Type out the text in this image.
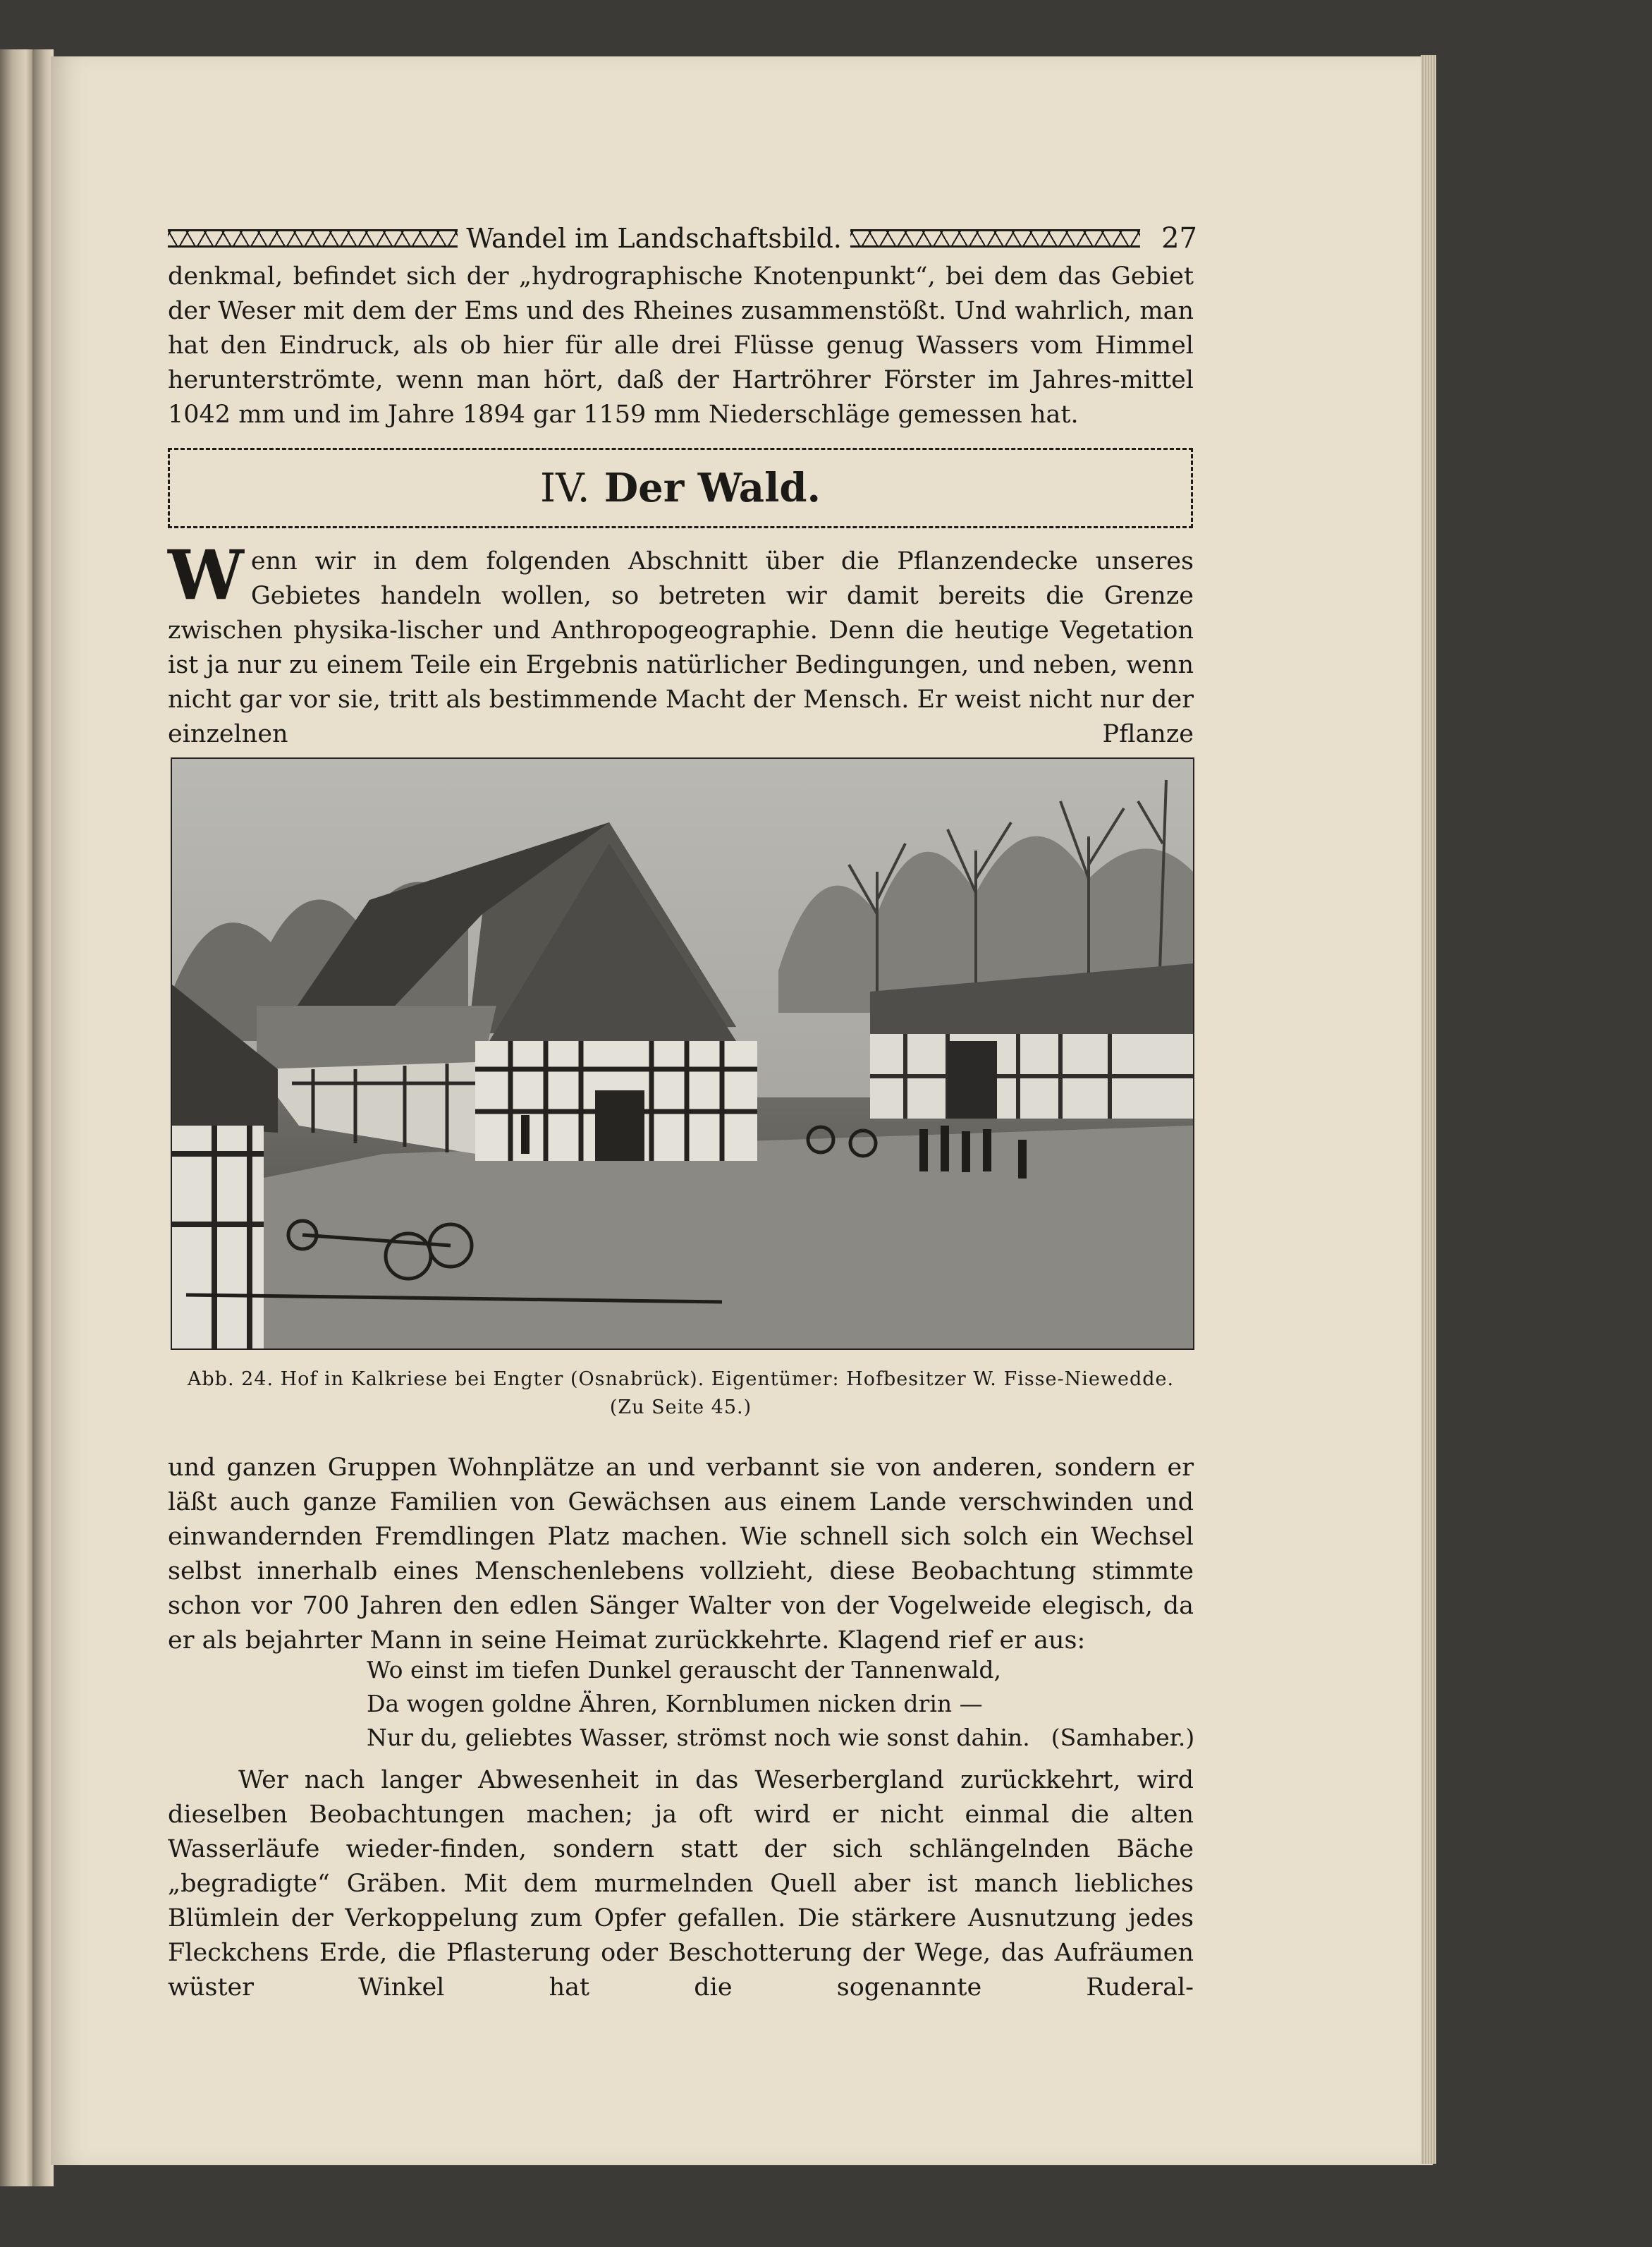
Wandel im Landschaftsbild.	27
denkmal, befindet sich der „hydrographische Knotenpunkt“, bei dem das Gebiet der Weser mit dem der Ems und des Rheines zusammenstößt. Und wahrlich, man hat den Eindruck, als ob hier für alle drei Flüsse genug Wassers vom Himmel herunterströmte, wenn man hört, daß der Hartröhrer Förster im Jahres-mittel 1042 mm und im Jahre 1894 gar 1159 mm Niederschläge gemessen hat.
IV. Der Wald.
Wenn wir in dem folgenden Abschnitt über die Pflanzendecke unseres Gebietes handeln wollen, so betreten wir damit bereits die Grenze zwischen physika-lischer und Anthropogeographie. Denn die heutige Vegetation ist ja nur zu einem Teile ein Ergebnis natürlicher Bedingungen, und neben, wenn nicht gar vor sie, tritt als bestimmende Macht der Mensch. Er weist nicht nur der einzelnen Pflanze
Abb. 24. Hof in Kalkriese bei Engter (Osnabrück). Eigentümer: Hofbesitzer W. Fisse-Niewedde.
(Zu Seite 45.)
und ganzen Gruppen Wohnplätze an und verbannt sie von anderen, sondern er läßt auch ganze Familien von Gewächsen aus einem Lande verschwinden und einwandernden Fremdlingen Platz machen. Wie schnell sich solch ein Wechsel selbst innerhalb eines Menschenlebens vollzieht, diese Beobachtung stimmte schon vor 700 Jahren den edlen Sänger Walter von der Vogelweide elegisch, da er als bejahrter Mann in seine Heimat zurückkehrte. Klagend rief er aus:
Wo einst im tiefen Dunkel gerauscht der Tannenwald,
Da wogen goldne Ähren, Kornblumen nicken drin —
Nur du, geliebtes Wasser, strömst noch wie sonst dahin. (Samhaber.)
Wer nach langer Abwesenheit in das Weserbergland zurückkehrt, wird dieselben Beobachtungen machen; ja oft wird er nicht einmal die alten Wasserläufe wieder-finden, sondern statt der sich schlängelnden Bäche „begradigte“ Gräben. Mit dem murmelnden Quell aber ist manch liebliches Blümlein der Verkoppelung zum Opfer gefallen. Die stärkere Ausnutzung jedes Fleckchens Erde, die Pflasterung oder Beschotterung der Wege, das Aufräumen wüster Winkel hat die sogenannte Ruderal-
